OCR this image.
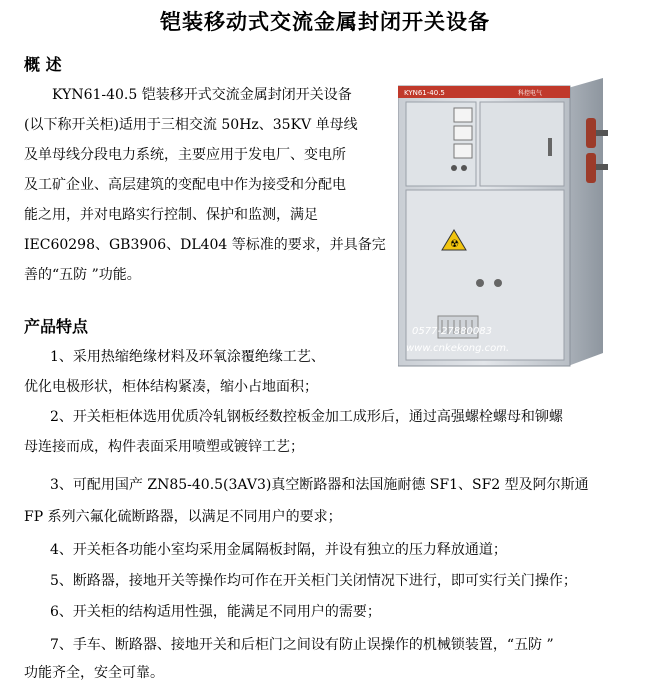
铠装移动式交流金属封闭开关设备
概 述
KYN61-40.5 铠装移开式交流金属封闭开关设备
(以下称开关柜)适用于三相交流 50Hz、35KV 单母线
及单母线分段电力系统，主要应用于发电厂、变电所
及工矿企业、高层建筑的变配电中作为接受和分配电
能之用，并对电路实行控制、保护和监测，满足
IEC60298、GB3906、DL404 等标准的要求，并具备完
善的“五防 ”功能。
产品特点
1、采用热缩绝缘材料及环氧涂覆绝缘工艺、
优化电极形状，柜体结构紧凑，缩小占地面积；
2、开关柜柜体选用优质冷轧钢板经数控板金加工成形后，通过高强螺栓螺母和铆螺
母连接而成，构件表面采用喷塑或镀锌工艺；
3、可配用国产 ZN85-40.5(3AV3)真空断路器和法国施耐德 SF1、SF2 型及阿尔斯通
FP 系列六氟化硫断路器，以满足不同用户的要求；
4、开关柜各功能小室均采用金属隔板封隔，并设有独立的压力释放通道；
5、断路器，接地开关等操作均可作在开关柜门关闭情况下进行，即可实行关门操作；
6、开关柜的结构适用性强，能满足不同用户的需要；
7、手车、断路器、接地开关和后柜门之间设有防止误操作的机械锁装置，“五防 ”
功能齐全，安全可靠。
KYN61-40.5	科控电气
☢
0577-27880083
www.cnkekong.com.
